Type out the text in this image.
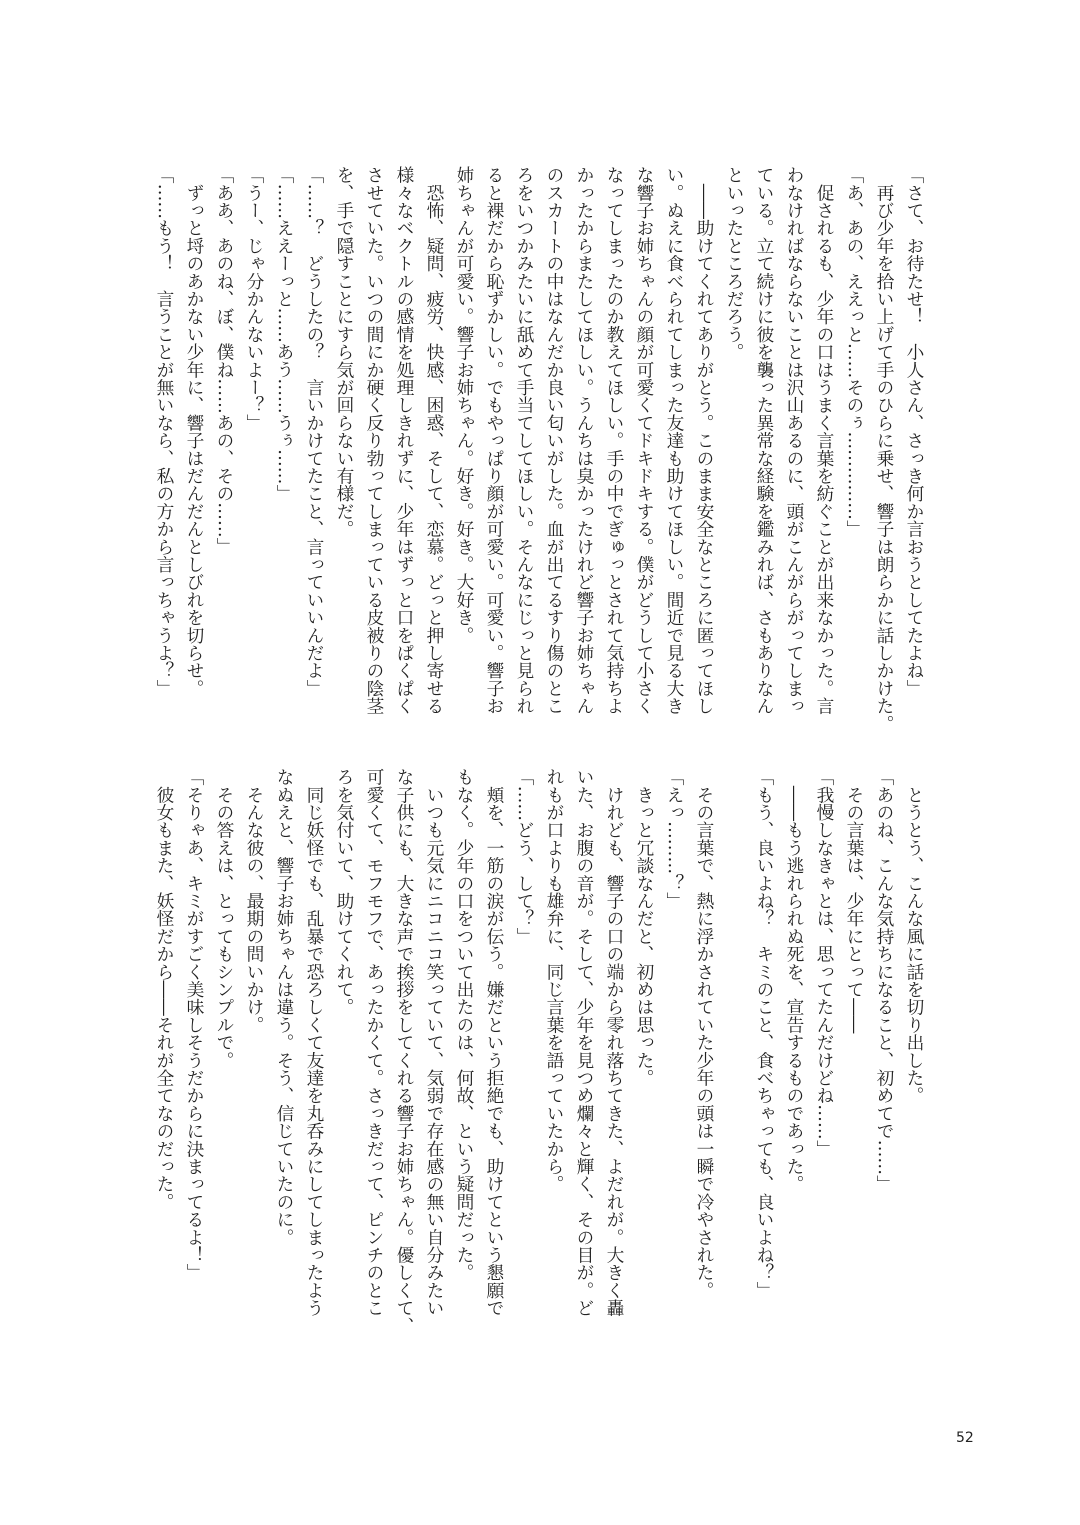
「さて、お待たせ！　小人さん、さっき何か言おうとしてたよね」
　再び少年を拾い上げて手のひらに乗せ、響子は朗らかに話しかけた。
「あ、あの、ええっと……そのぅ……………」
　促されるも、少年の口はうまく言葉を紡ぐことが出来なかった。言
わなければならないことは沢山あるのに、頭がこんがらがってしまっ
ている。立て続けに彼を襲った異常な経験を鑑みれば、さもありなん
といったところだろう。
　――助けてくれてありがとう。このまま安全なところに匿ってほし
い。ぬえに食べられてしまった友達も助けてほしい。間近で見る大き
な響子お姉ちゃんの顔が可愛くてドキドキする。僕がどうして小さく
なってしまったのか教えてほしい。手の中でぎゅっとされて気持ちよ
かったからまたしてほしい。うんちは臭かったけれど響子お姉ちゃん
のスカートの中はなんだか良い匂いがした。血が出てるすり傷のとこ
ろをいつかみたいに舐めて手当てしてほしい。そんなにじっと見られ
ると裸だから恥ずかしい。でもやっぱり顔が可愛い。可愛い。響子お
姉ちゃんが可愛い。響子お姉ちゃん。好き。好き。大好き。
　恐怖、疑問、疲労、快感、困惑、そして、恋慕。どっと押し寄せる
様々なベクトルの感情を処理しきれずに、少年はずっと口をぱくぱく
させていた。いつの間にか硬く反り勃ってしまっている皮被りの陰茎
を、手で隠すことにすら気が回らない有様だ。
「……？　どうしたの？　言いかけてたこと、言っていいんだよ」
「……ええーっと……あう……うぅ……」
「うー、じゃ分かんないよー？」
「ああ、あのね、ぼ、僕ね……あの、その……」
　ずっと埒のあかない少年に、響子はだんだんとしびれを切らせ。
「……もう！　言うことが無いなら、私の方から言っちゃうよ？」
　とうとう、こんな風に話を切り出した。
「あのね、こんな気持ちになること、初めてで……」
　その言葉は、少年にとって――
「我慢しなきゃとは、思ってたんだけどね……」
　――もう逃れられぬ死を、宣告するものであった。
「もう、良いよね？　キミのこと、食べちゃっても、良いよね？」
　その言葉で、熱に浮かされていた少年の頭は一瞬で冷やされた。
「えっ………？」
　きっと冗談なんだと、初めは思った。
　けれども、響子の口の端から零れ落ちてきた、よだれが。大きく轟
いた、お腹の音が。そして、少年を見つめ爛々と輝く、その目が。ど
れもが口よりも雄弁に、同じ言葉を語っていたから。
「……どう、して？」
　頬を、一筋の涙が伝う。嫌だという拒絶でも、助けてという懇願で
もなく。少年の口をついて出たのは、何故、という疑問だった。
　いつも元気にニコニコ笑っていて、気弱で存在感の無い自分みたい
な子供にも、大きな声で挨拶をしてくれる響子お姉ちゃん。優しくて、
可愛くて、モフモフで、あったかくて。さっきだって、ピンチのとこ
ろを気付いて、助けてくれて。
　同じ妖怪でも、乱暴で恐ろしくて友達を丸呑みにしてしまったよう
なぬえと、響子お姉ちゃんは違う。そう、信じていたのに。
　そんな彼の、最期の問いかけ。
　その答えは、とってもシンプルで。
「そりゃあ、キミがすごく美味しそうだからに決まってるよ！」
　彼女もまた、妖怪だから――それが全てなのだった。
52
